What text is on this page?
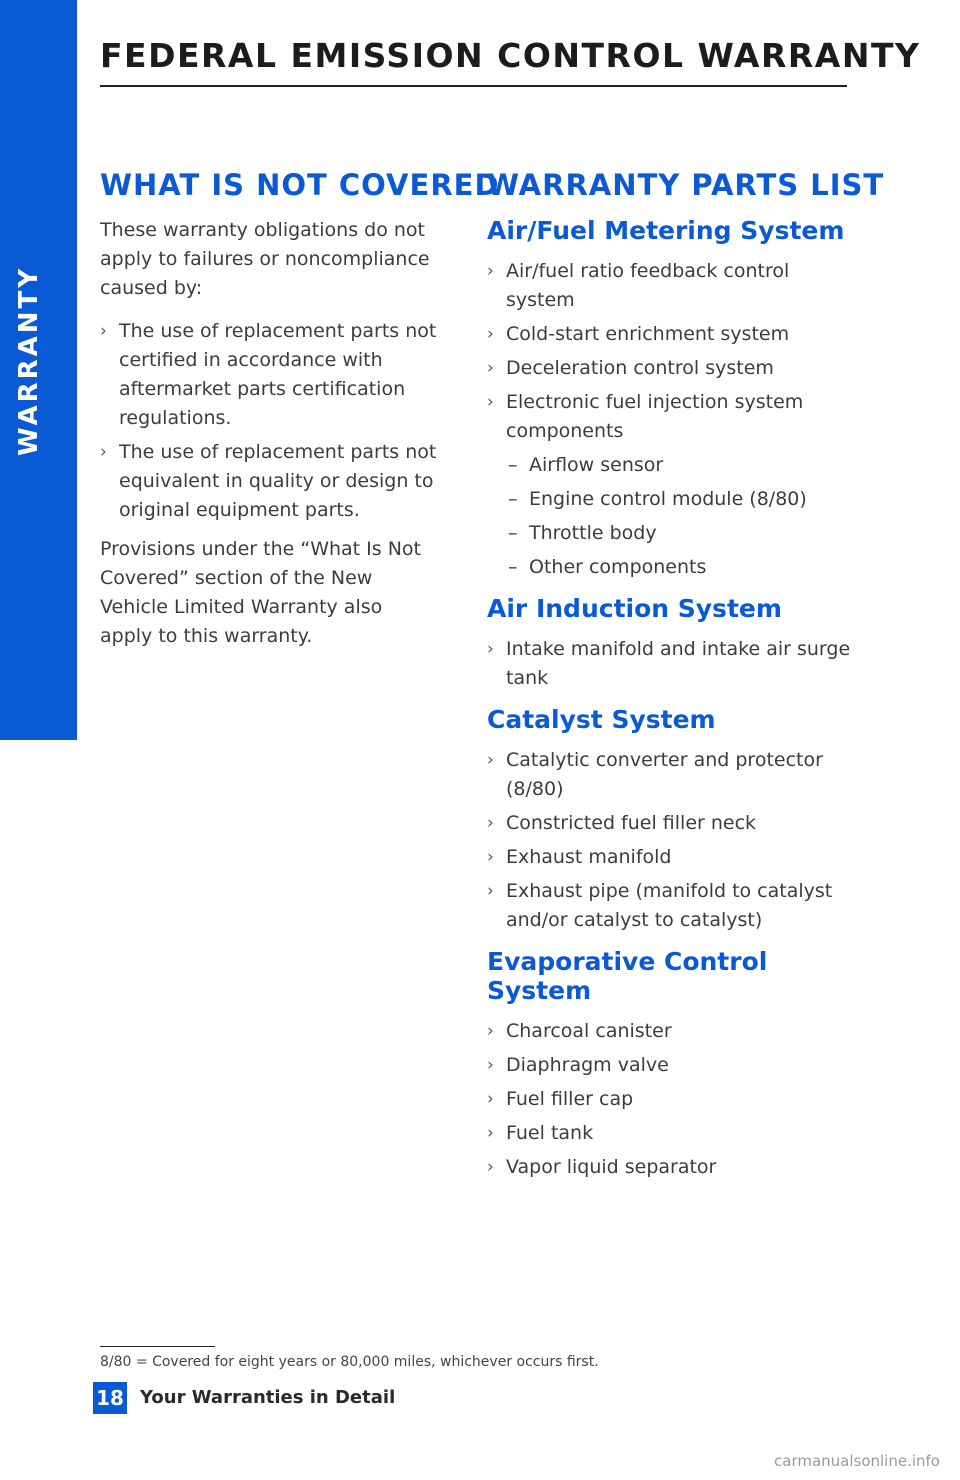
WARRANTY
FEDERAL EMISSION CONTROL WARRANTY
WHAT IS NOT COVERED

These warranty obligations do not apply to failures or noncompliance caused by:

› The use of replacement parts not certified in accordance with aftermarket parts certification regulations.
› The use of replacement parts not equivalent in quality or design to original equipment parts.

Provisions under the “What Is Not Covered” section of the New Vehicle Limited Warranty also apply to this warranty.

WARRANTY PARTS LIST
Air/Fuel Metering System
› Air/fuel ratio feedback control system
› Cold-start enrichment system
› Deceleration control system
› Electronic fuel injection system components
– Airflow sensor
– Engine control module (8/80)
– Throttle body
– Other components
Air Induction System
› Intake manifold and intake air surge tank
Catalyst System
› Catalytic converter and protector (8/80)
› Constricted fuel filler neck
› Exhaust manifold
› Exhaust pipe (manifold to catalyst and/or catalyst to catalyst)
Evaporative Control System
› Charcoal canister
› Diaphragm valve
› Fuel filler cap
› Fuel tank
› Vapor liquid separator
8/80 = Covered for eight years or 80,000 miles, whichever occurs first.
18 Your Warranties in Detail
carmanualsonline.info
